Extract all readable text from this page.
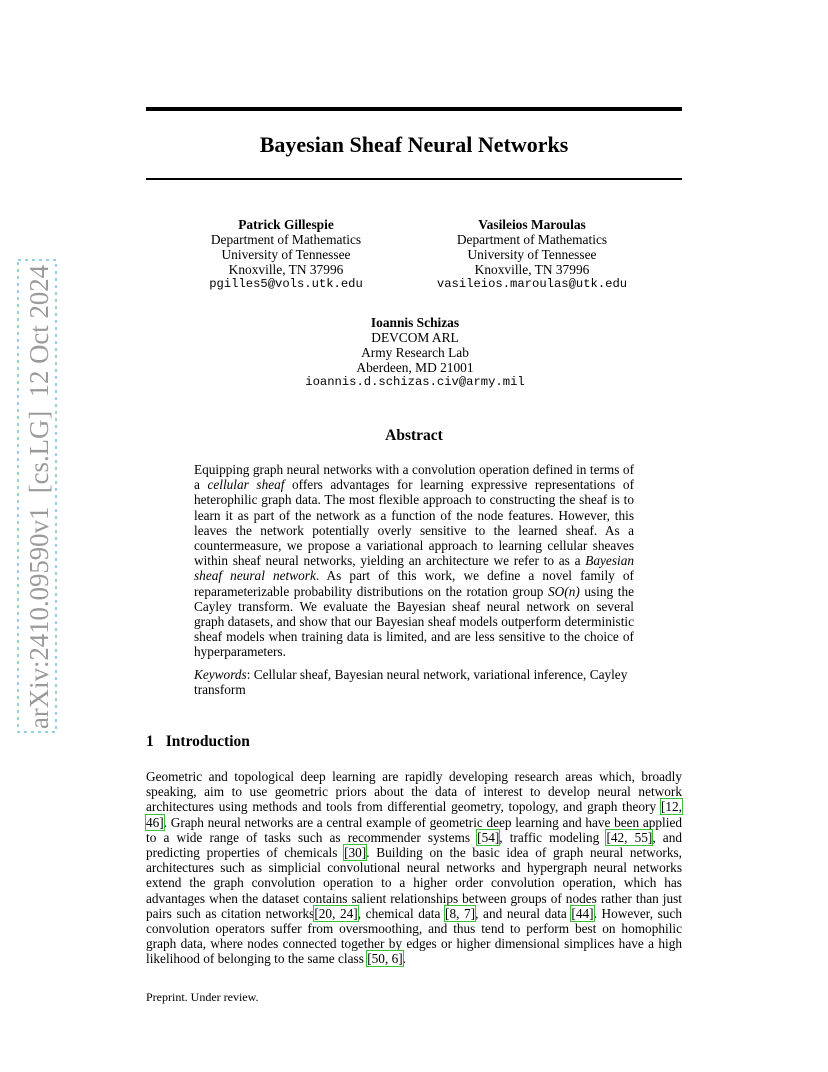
arXiv:2410.09590v1  [cs.LG]  12 Oct 2024
Bayesian Sheaf Neural Networks
Patrick Gillespie
Department of Mathematics
University of Tennessee
Knoxville, TN 37996
pgilles5@vols.utk.edu
Vasileios Maroulas
Department of Mathematics
University of Tennessee
Knoxville, TN 37996
vasileios.maroulas@utk.edu
Ioannis Schizas
DEVCOM ARL
Army Research Lab
Aberdeen, MD 21001
ioannis.d.schizas.civ@army.mil
Abstract
Equipping graph neural networks with a convolution operation defined in terms of a cellular sheaf offers advantages for learning expressive representations of heterophilic graph data. The most flexible approach to constructing the sheaf is to learn it as part of the network as a function of the node features. However, this leaves the network potentially overly sensitive to the learned sheaf. As a countermeasure, we propose a variational approach to learning cellular sheaves within sheaf neural networks, yielding an architecture we refer to as a Bayesian sheaf neural network. As part of this work, we define a novel family of reparameterizable probability distributions on the rotation group SO(n) using the Cayley transform. We evaluate the Bayesian sheaf neural network on several graph datasets, and show that our Bayesian sheaf models outperform deterministic sheaf models when training data is limited, and are less sensitive to the choice of hyperparameters.
Keywords: Cellular sheaf, Bayesian neural network, variational inference, Cayley transform
1 Introduction
Geometric and topological deep learning are rapidly developing research areas which, broadly speaking, aim to use geometric priors about the data of interest to develop neural network architectures using methods and tools from differential geometry, topology, and graph theory [12, 46]. Graph neural networks are a central example of geometric deep learning and have been applied to a wide range of tasks such as recommender systems [54], traffic modeling [42, 55], and predicting properties of chemicals [30]. Building on the basic idea of graph neural networks, architectures such as simplicial convolutional neural networks and hypergraph neural networks extend the graph convolution operation to a higher order convolution operation, which has advantages when the dataset contains salient relationships between groups of nodes rather than just pairs such as citation networks[20, 24], chemical data [8, 7], and neural data [44]. However, such convolution operators suffer from oversmoothing, and thus tend to perform best on homophilic graph data, where nodes connected together by edges or higher dimensional simplices have a high likelihood of belonging to the same class [50, 6].
Preprint. Under review.
